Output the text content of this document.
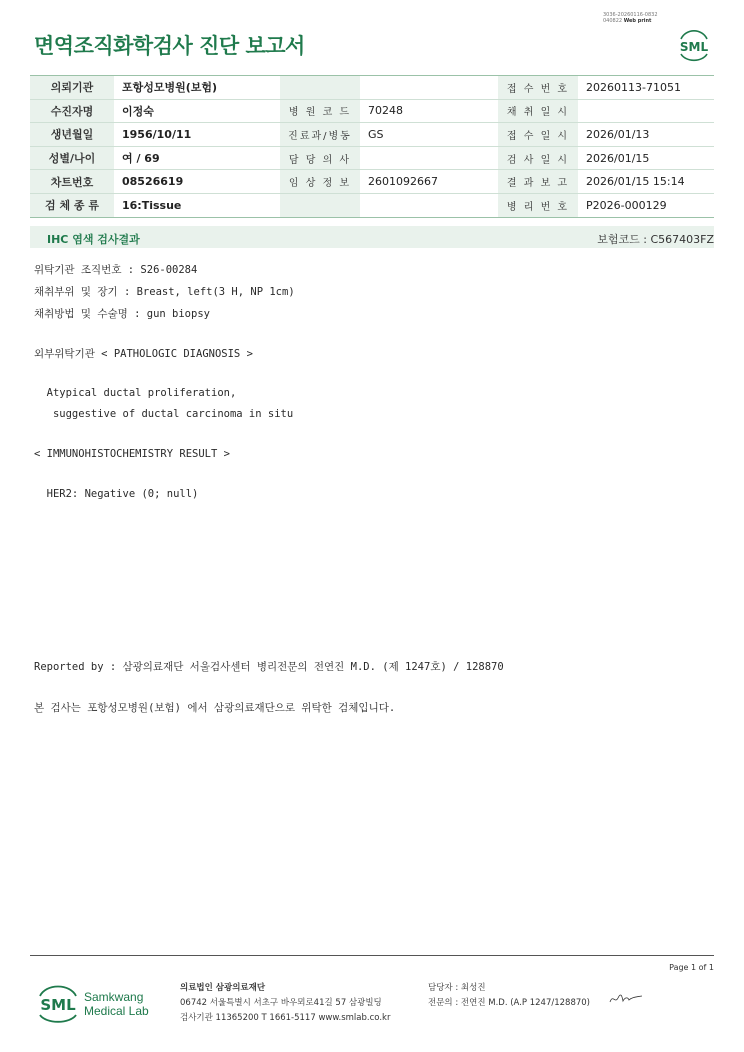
3036-20260116-0832
040822 Web print
면역조직화학검사 진단 보고서	SML
의뢰기관	포항성모병원(보험)			접 수 번 호	20260113-71051
수진자명	이정숙	병 원 코 드	70248	채 취 일 시	
생년월일	1956/10/11	진료과/병동	GS	접 수 일 시	2026/01/13
성별/나이	여 / 69	담 당 의 사		검 사 일 시	2026/01/15
차트번호	08526619	임 상 정 보	2601092667	결 과 보 고	2026/01/15 15:14
검 체 종 류	16:Tissue			병 리 번 호	P2026-000129
IHC 염색 검사결과	보험코드 : C567403FZ
위탁기관 조직번호 : S26-00284
채취부위 및 장기 : Breast, left(3 H, NP 1cm)
채취방법 및 수술명 : gun biopsy
외부위탁기관 < PATHOLOGIC DIAGNOSIS >
Atypical ductal proliferation,
suggestive of ductal carcinoma in situ
< IMMUNOHISTOCHEMISTRY RESULT >
HER2: Negative (0; null)
Reported by : 삼광의료재단 서울검사센터 병리전문의 전연진 M.D. (제 1247호) / 128870
본 검사는 포항성모병원(보험) 에서 삼광의료재단으로 위탁한 검체입니다.
Page 1 of 1
SML Samkwang
Medical Lab
의료법인 삼광의료재단
06742 서울특별시 서초구 바우뫼로41길 57 삼광빌딩
검사기관 11365200 T 1661-5117 www.smlab.co.kr
담당자 : 최성진
전문의 : 전연진 M.D. (A.P 1247/128870)
